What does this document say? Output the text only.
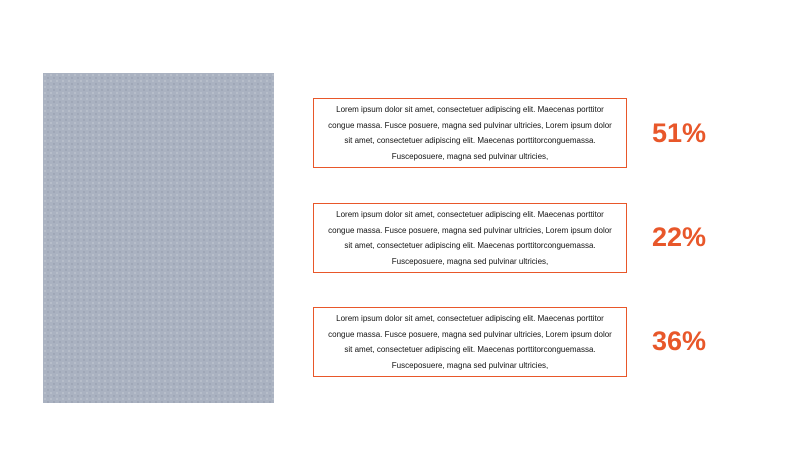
Lorem ipsum dolor sit amet, consectetuer adipiscing elit. Maecenas porttitor congue massa. Fusce posuere, magna sed pulvinar ultricies, Lorem ipsum dolor sit amet, consectetuer adipiscing elit. Maecenas porttitorconguemassa. Fusceposuere, magna sed pulvinar ultricies,

51%

Lorem ipsum dolor sit amet, consectetuer adipiscing elit. Maecenas porttitor congue massa. Fusce posuere, magna sed pulvinar ultricies, Lorem ipsum dolor sit amet, consectetuer adipiscing elit. Maecenas porttitorconguemassa. Fusceposuere, magna sed pulvinar ultricies,

22%

Lorem ipsum dolor sit amet, consectetuer adipiscing elit. Maecenas porttitor congue massa. Fusce posuere, magna sed pulvinar ultricies, Lorem ipsum dolor sit amet, consectetuer adipiscing elit. Maecenas porttitorconguemassa. Fusceposuere, magna sed pulvinar ultricies,

36%
